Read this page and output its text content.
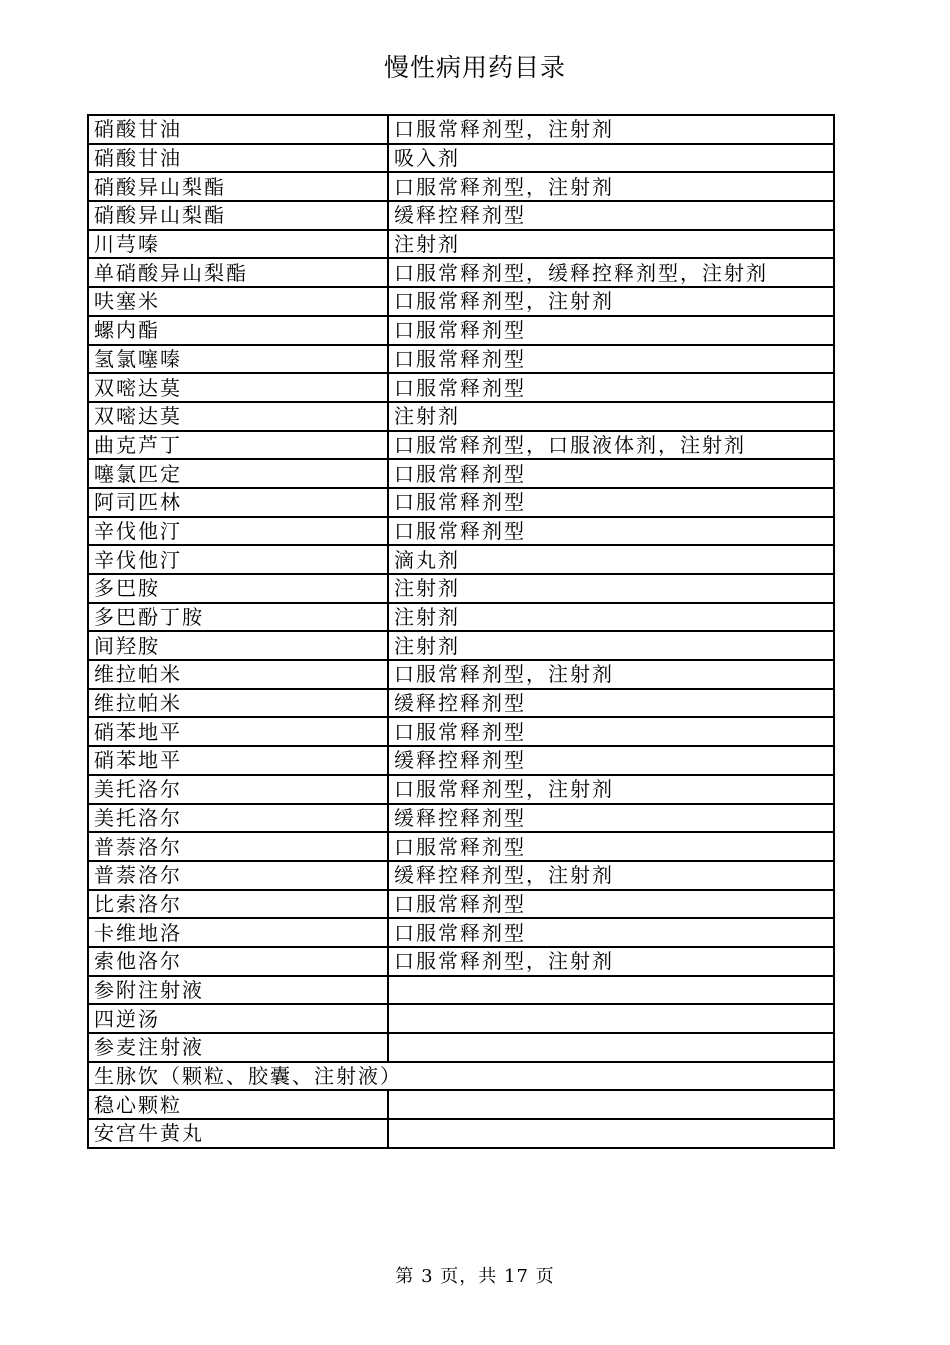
慢性病用药目录
硝酸甘油	口服常释剂型，注射剂
硝酸甘油	吸入剂
硝酸异山梨酯	口服常释剂型，注射剂
硝酸异山梨酯	缓释控释剂型
川芎嗪	注射剂
单硝酸异山梨酯	口服常释剂型，缓释控释剂型，注射剂
呋塞米	口服常释剂型，注射剂
螺内酯	口服常释剂型
氢氯噻嗪	口服常释剂型
双嘧达莫	口服常释剂型
双嘧达莫	注射剂
曲克芦丁	口服常释剂型，口服液体剂，注射剂
噻氯匹定	口服常释剂型
阿司匹林	口服常释剂型
辛伐他汀	口服常释剂型
辛伐他汀	滴丸剂
多巴胺	注射剂
多巴酚丁胺	注射剂
间羟胺	注射剂
维拉帕米	口服常释剂型，注射剂
维拉帕米	缓释控释剂型
硝苯地平	口服常释剂型
硝苯地平	缓释控释剂型
美托洛尔	口服常释剂型，注射剂
美托洛尔	缓释控释剂型
普萘洛尔	口服常释剂型
普萘洛尔	缓释控释剂型，注射剂
比索洛尔	口服常释剂型
卡维地洛	口服常释剂型
索他洛尔	口服常释剂型，注射剂
参附注射液	
四逆汤	
参麦注射液	
生脉饮（颗粒、胶囊、注射液）	
稳心颗粒	
安宫牛黄丸	
第 3 页，共 17 页
